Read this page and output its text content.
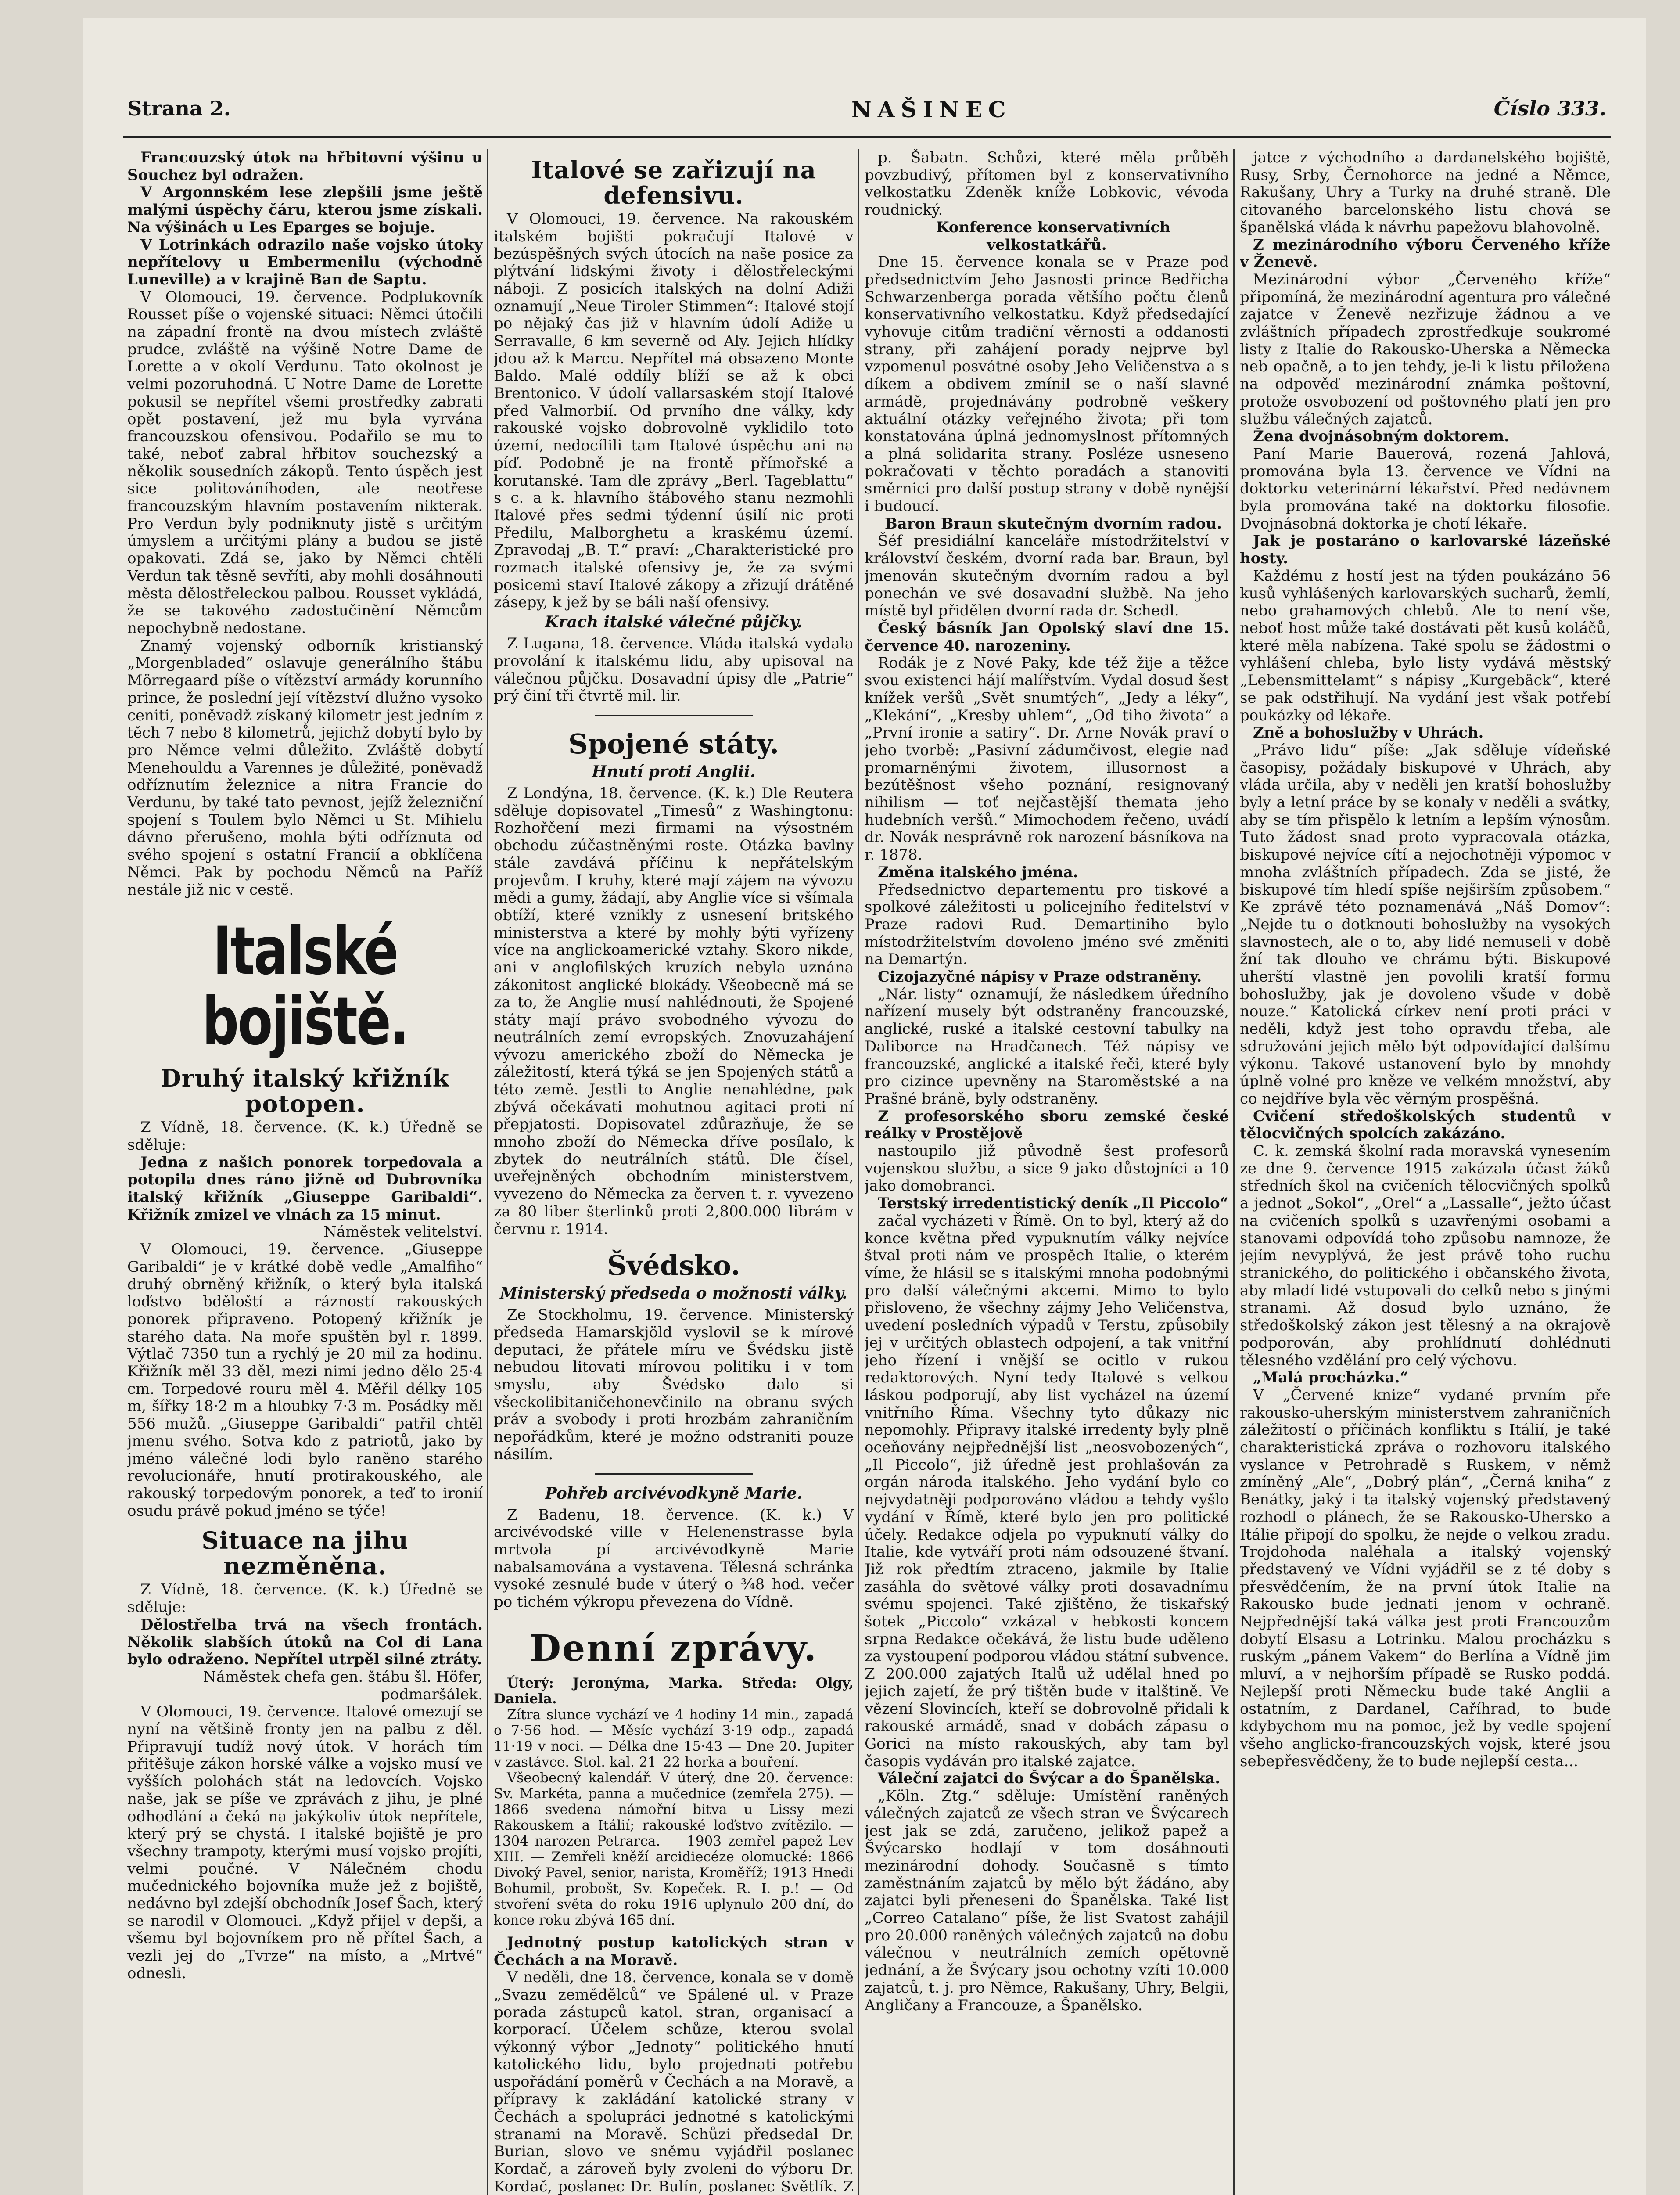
Strana 2.	NAŠINEC	Číslo 333.

Francouzský útok na hřbitovní výšinu u Souchez byl odražen.

V Argonnském lese zlepšili jsme ještě malými úspěchy čáru, kterou jsme získali. Na výšinách u Les Eparges se bojuje.

V Lotrinkách odrazilo naše vojsko útoky nepřítelovy u Embermenilu (východně Luneville) a v krajině Ban de Saptu.

V Olomouci, 19. července. Podplukovník Rousset píše o vojenské situaci: Němci útočili na západní frontě na dvou místech zvláště prudce, zvláště na výšině Notre Dame de Lorette a v okolí Verdunu. Tato okolnost je velmi pozoruhodná. U Notre Dame de Lorette pokusil se nepřítel všemi prostředky zabrati opět postavení, jež mu byla vyrvána francouzskou ofensivou. Podařilo se mu to také, neboť zabral hřbitov souchezský a několik sousedních zákopů. Tento úspěch jest sice politováníhoden, ale neotřese francouzským hlavním postavením nikterak. Pro Verdun byly podniknuty jistě s určitým úmyslem a určitými plány a budou se jistě opakovati. Zdá se, jako by Němci chtěli Verdun tak těsně sevříti, aby mohli dosáhnouti města dělostřeleckou palbou. Rousset vykládá, že se takového zadostučinění Němcům nepochybně nedostane.

Znamý vojenský odborník kristianský „Morgenbladed“ oslavuje generálního štábu Mörregaard píše o vítězství armády korunního prince, že poslední její vítězství dlužno vysoko ceniti, poněvadž získaný kilometr jest jedním z těch 7 nebo 8 kilometrů, jejichž dobytí bylo by pro Němce velmi důležito. Zvláště dobytí Menehouldu a Varennes je důležité, poněvadž odříznutím železnice a nitra Francie do Verdunu, by také tato pevnost, jejíž železniční spojení s Toulem bylo Němci u St. Mihielu dávno přerušeno, mohla býti odříznuta od svého spojení s ostatní Francií a obklíčena Němci. Pak by pochodu Němců na Paříž nestále již nic v cestě.

Italské bojiště.
Druhý italský křižník potopen.

Z Vídně, 18. července. (K. k.) Úředně se sděluje:

Jedna z našich ponorek torpedovala a potopila dnes ráno jižně od Dubrovníka italský křižník „Giuseppe Garibaldi“. Křižník zmizel ve vlnách za 15 minut.

Náměstek velitelství.

V Olomouci, 19. července. „Giuseppe Garibaldi“ je v krátké době vedle „Amalfiho“ druhý obrněný křižník, o který byla italská loďstvo bděloští a rázností rakouských ponorek připraveno. Potopený křižník je starého data. Na moře spuštěn byl r. 1899. Výtlač 7350 tun a rychlý je 20 mil za hodinu. Křižník měl 33 děl, mezi nimi jedno dělo 25·4 cm. Torpedové rouru měl 4. Měřil délky 105 m, šířky 18·2 m a hloubky 7·3 m. Posádky měl 556 mužů. „Giuseppe Garibaldi“ patřil chtěl jmenu svého. Sotva kdo z patriotů, jako by jméno válečné lodi bylo raněno starého revolucionáře, hnutí protirakouského, ale rakouský torpedovým ponorek, a teď to ironií osudu právě pokud jméno se týče!

Situace na jihu nezměněna.

Z Vídně, 18. července. (K. k.) Úředně se sděluje:

Dělostřelba trvá na všech frontách. Několik slabších útoků na Col di Lana bylo odraženo. Nepřítel utrpěl silné ztráty.

Náměstek chefa gen. štábu šl. Höfer, podmaršálek.

V Olomouci, 19. července. Italové omezují se nyní na většině fronty jen na palbu z děl. Připravují tudíž nový útok. V horách tím přitěšuje zákon horské válke a vojsko musí ve vyšších polohách stát na ledovcích. Vojsko naše, jak se píše ve zprávách z jihu, je plné odhodlání a čeká na jakýkoliv útok nepřítele, který prý se chystá. I italské bojiště je pro všechny trampoty, kterými musí vojsko projíti, velmi poučné. V Nálečném chodu mučednického bojovníka muže jež z bojiště, nedávno byl zdejší obchodník Josef Šach, který se narodil v Olomouci. „Když přijel v depši, a všemu byl bojovníkem pro ně přítel Šach, a vezli jej do „Tvrze“ na místo, a „Mrtvé“ odnesli.

Italové se zařizují na defensivu.

V Olomouci, 19. července. Na rakouském italském bojišti pokračují Italové v bezúspěšných svých útocích na naše posice za plýtvání lidskými životy i dělostřeleckými náboji. Z posicích italských na dolní Adiži oznamují „Neue Tiroler Stimmen“: Italové stojí po nějaký čas již v hlavním údolí Adiže u Serravalle, 6 km severně od Aly. Jejich hlídky jdou až k Marcu. Nepřítel má obsazeno Monte Baldo. Malé oddíly blíží se až k obci Brentonico. V údolí vallarsaském stojí Italové před Valmorbií. Od prvního dne války, kdy rakouské vojsko dobrovolně vyklidilo toto území, nedocílili tam Italové úspěchu ani na píď. Podobně je na frontě přímořské a korutanské. Tam dle zprávy „Berl. Tageblattu“ s c. a k. hlavního štábového stanu nezmohli Italové přes sedmi týdenní úsilí nic proti Předilu, Malborghetu a kraskému území. Zpravodaj „B. T.“ praví: „Charakteristické pro rozmach italské ofensivy je, že za svými posicemi staví Italové zákopy a zřizují drátěné zásepy, k jež by se báli naší ofensivy.

Krach italské válečné půjčky.

Z Lugana, 18. července. Vláda italská vydala provolání k italskému lidu, aby upisoval na válečnou půjčku. Dosavadní úpisy dle „Patrie“ prý činí tři čtvrtě mil. lir.

Spojené státy.
Hnutí proti Anglii.

Z Londýna, 18. července. (K. k.) Dle Reutera sděluje dopisovatel „Timesů“ z Washingtonu: Rozhořčení mezi firmami na výsostném obchodu zúčastněnými roste. Otázka bavlny stále zavdává příčinu k nepřátelským projevům. I kruhy, které mají zájem na vývozu mědi a gumy, žádají, aby Anglie více si všímala obtíží, které vznikly z usnesení britského ministerstva a které by mohly býti vyřízeny více na anglickoamerické vztahy. Skoro nikde, ani v anglofilských kruzích nebyla uznána zákonitost anglické blokády. Všeobecně má se za to, že Anglie musí nahlédnouti, že Spojené státy mají právo svobodného vývozu do neutrálních zemí evropských. Znovuzahájení vývozu amerického zboží do Německa je záležitostí, která týká se jen Spojených států a této země. Jestli to Anglie nenahlédne, pak zbývá očekávati mohutnou agitaci proti ní přepjatosti. Dopisovatel zdůrazňuje, že se mnoho zboží do Německa dříve posílalo, k zbytek do neutrálních států. Dle čísel, uveřejněných obchodním ministerstvem, vyvezeno do Německa za červen t. r. vyvezeno za 80 liber šterlinků proti 2,800.000 librám v červnu r. 1914.

Švédsko.
Ministerský předseda o možnosti války.

Ze Stockholmu, 19. července. Ministerský předseda Hamarskjöld vyslovil se k mírové deputaci, že přátele míru ve Švédsku jistě nebudou litovati mírovou politiku i v tom smyslu, aby Švédsko dalo si všeckolibitaničehonevčinilo na obranu svých práv a svobody i proti hrozbám zahraničním nepořádkům, které je možno odstraniti pouze násilím.

Pohřeb arcivévodkyně Marie.

Z Badenu, 18. července. (K. k.) V arcivévodské ville v Helenenstrasse byla mrtvola pí arcivévodkyně Marie nabalsamována a vystavena. Tělesná schránka vysoké zesnulé bude v úterý o ¾8 hod. večer po tichém výkropu převezena do Vídně.

Denní zprávy.

Úterý: Jeronýma, Marka. Středa: Olgy, Daniela.

Zítra slunce vychází ve 4 hodiny 14 min., zapadá o 7·56 hod. — Měsíc vychází 3·19 odp., zapadá 11·19 v noci. — Délka dne 15·43 — Dne 20. Jupiter v zastávce. Stol. kal. 21–22 horka a bouření.

Všeobecný kalendář. V úterý, dne 20. července: Sv. Markéta, panna a mučednice (zemřela 275). — 1866 svedena námořní bitva u Lissy mezi Rakouskem a Itálií; rakouské loďstvo zvítězilo. — 1304 narozen Petrarca. — 1903 zemřel papež Lev XIII. — Zemřeli kněží arcidiecéze olomucké: 1866 Divoký Pavel, senior, narista, Kroměříž; 1913 Hnedi Bohumil, probošt, Sv. Kopeček. R. I. p.! — Od stvoření světa do roku 1916 uplynulo 200 dní, do konce roku zbývá 165 dní.

Jednotný postup katolických stran v Čechách a na Moravě.

V neděli, dne 18. července, konala se v domě „Svazu zemědělců“ ve Spálené ul. v Praze porada zástupců katol. stran, organisací a korporací. Účelem schůze, kterou svolal výkonný výbor „Jednoty“ politického hnutí katolického lidu, bylo projednati potřebu uspořádání poměrů v Čechách a na Moravě, a přípravy k zakládání katolické strany v Čechách a spolupráci jednotné s katolickými stranami na Moravě. Schůzi předsedal Dr. Burian, slovo ve sněmu vyjádřil poslanec Kordač, a zároveň byly zvoleni do výboru Dr. Kordač, poslanec Dr. Bulín, poslanec Světlík. Z

p. Šabatn. Schůzi, které měla průběh povzbudivý, přítomen byl z konservativního velkostatku Zdeněk kníže Lobkovic, vévoda roudnický.

Konference konservativních velkostatkářů.

Dne 15. července konala se v Praze pod předsednictvím Jeho Jasnosti prince Bedřicha Schwarzenberga porada většího počtu členů konservativního velkostatku. Když předsedající vyhovuje citům tradiční věrnosti a oddanosti strany, při zahájení porady nejprve byl vzpomenul posvátné osoby Jeho Veličenstva a s díkem a obdivem zmínil se o naší slavné armádě, projednávány podrobně veškery aktuální otázky veřejného života; při tom konstatována úplná jednomyslnost přítomných a plná solidarita strany. Posléze usneseno pokračovati v těchto poradách a stanoviti směrnici pro další postup strany v době nynější i budoucí.

Baron Braun skutečným dvorním radou.

Šéf presidiální kanceláře místodržitelství v království českém, dvorní rada bar. Braun, byl jmenován skutečným dvorním radou a byl ponechán ve své dosavadní službě. Na jeho místě byl přidělen dvorní rada dr. Schedl.

Český básník Jan Opolský slaví dne 15. července 40. narozeniny.

Rodák je z Nové Paky, kde též žije a těžce svou existenci hájí malířstvím. Vydal dosud šest knížek veršů „Svět snumtých“, „Jedy a léky“, „Klekání“, „Kresby uhlem“, „Od tiho života“ a „První ironie a satiry“. Dr. Arne Novák praví o jeho tvorbě: „Pasivní zádumčivost, elegie nad promarněnými životem, illusornost a bezútěšnost všeho poznání, resignovaný nihilism — toť nejčastější themata jeho hudebních veršů.“ Mimochodem řečeno, uvádí dr. Novák nesprávně rok narození básníkova na r. 1878.

Změna italského jména.

Předsednictvo departementu pro tiskové a spolkové záležitosti u policejního ředitelství v Praze radovi Rud. Demartiniho bylo místodržitelstvím dovoleno jméno své změniti na Demartýn.

Cizojazyčné nápisy v Praze odstraněny.

„Nár. listy“ oznamují, že následkem úředního nařízení musely být odstraněny francouzské, anglické, ruské a italské cestovní tabulky na Daliborce na Hradčanech. Též nápisy ve francouzské, anglické a italské řeči, které byly pro cizince upevněny na Staroměstské a na Prašné bráně, byly odstraněny.

Z profesorského sboru zemské české reálky v Prostějově

nastoupilo již původně šest profesorů vojenskou službu, a sice 9 jako důstojníci a 10 jako domobranci.

Terstský irredentistický deník „Il Piccolo“

začal vycházeti v Římě. On to byl, který až do konce května před vypuknutím války nejvíce štval proti nám ve prospěch Italie, o kterém víme, že hlásil se s italskými mnoha podobnými pro další válečnými akcemi. Mimo to bylo přisloveno, že všechny zájmy Jeho Veličenstva, uvedení posledních výpadů v Terstu, způsobily jej v určitých oblastech odpojení, a tak vnitřní jeho řízení i vnější se ocitlo v rukou redaktorových. Nyní tedy Italové s velkou láskou podporují, aby list vycházel na území vnitřního Říma. Všechny tyto důkazy nic nepomohly. Připravy italské irredenty byly plně oceňovány nejpřednější list „neosvobozených“, „Il Piccolo“, již úředně jest prohlašován za orgán národa italského. Jeho vydání bylo co nejvydatněji podporováno vládou a tehdy vyšlo vydání v Římě, které bylo jen pro politické účely. Redakce odjela po vypuknutí války do Italie, kde vytváří proti nám odsouzené štvaní. Již rok předtím ztraceno, jakmile by Italie zasáhla do světové války proti dosavadnímu svému spojenci. Také zjištěno, že tiskařský šotek „Piccolo“ vzkázal v hebkosti koncem srpna Redakce očekává, že listu bude uděleno za vystoupení podporou vládou státní subvence. Z 200.000 zajatých Italů už udělal hned po jejich zajetí, že prý tištěn bude v italštině. Ve vězení Slovincích, kteří se dobrovolně přidali k rakouské armádě, snad v dobách zápasu o Gorici na místo rakouských, aby tam byl časopis vydáván pro italské zajatce.

Váleční zajatci do Švýcar a do Španělska.

„Köln. Ztg.“ sděluje: Umístění raněných válečných zajatců ze všech stran ve Švýcarech jest jak se zdá, zaručeno, jelikož papež a Švýcarsko hodlají v tom dosáhnouti mezinárodní dohody. Současně s tímto zaměstnáním zajatců by mělo být žádáno, aby zajatci byli přeneseni do Španělska. Také list „Correo Catalano“ píše, že list Svatost zahájil pro 20.000 raněných válečných zajatců na dobu válečnou v neutrálních zemích opětovně jednání, a že Švýcary jsou ochotny vzíti 10.000 zajatců, t. j. pro Němce, Rakušany, Uhry, Belgii, Angličany a Francouze, a Španělsko.

jatce z východního a dardanelského bojiště, Rusy, Srby, Černohorce na jedné a Němce, Rakušany, Uhry a Turky na druhé straně. Dle citovaného barcelonského listu chová se španělská vláda k návrhu papežovu blahovolně.

Z mezinárodního výboru Červeného kříže v Ženevě.

Mezinárodní výbor „Červeného kříže“ připomíná, že mezinárodní agentura pro válečné zajatce v Ženevě nezřizuje žádnou a ve zvláštních případech zprostředkuje soukromé listy z Italie do Rakousko-Uherska a Německa neb opačně, a to jen tehdy, je-li k listu přiložena na odpověď mezinárodní známka poštovní, protože osvobození od poštovného platí jen pro službu válečných zajatců.

Žena dvojnásobným doktorem.

Paní Marie Bauerová, rozená Jahlová, promována byla 13. července ve Vídni na doktorku veterinární lékařství. Před nedávnem byla promována také na doktorku filosofie. Dvojnásobná doktorka je chotí lékaře.

Jak je postaráno o karlovarské lázeňské hosty.

Každému z hostí jest na týden poukázáno 56 kusů vyhlášených karlovarských sucharů, žemlí, nebo grahamových chlebů. Ale to není vše, neboť host může také dostávati pět kusů koláčů, které měla nabízena. Také spolu se žádostmi o vyhlášení chleba, bylo listy vydává městský „Lebensmittelamt“ s nápisy „Kurgebäck“, které se pak odstřihují. Na vydání jest však potřebí poukázky od lékaře.

Zně a bohoslužby v Uhrách.

„Právo lidu“ píše: „Jak sděluje vídeňské časopisy, požádaly biskupové v Uhrách, aby vláda určila, aby v neděli jen kratší bohoslužby byly a letní práce by se konaly v neděli a svátky, aby se tím přispělo k letním a lepším výnosům. Tuto žádost snad proto vypracovala otázka, biskupové nejvíce cítí a nejochotněji výpomoc v mnoha zvláštních případech. Zda se jisté, že biskupové tím hledí spíše nejširším způsobem.“ Ke zprávě této poznamenává „Náš Domov“: „Nejde tu o dotknouti bohoslužby na vysokých slavnostech, ale o to, aby lidé nemuseli v době žní tak dlouho ve chrámu býti. Biskupové uherští vlastně jen povolili kratší formu bohoslužby, jak je dovoleno všude v době nouze.“ Katolická církev není proti práci v neděli, když jest toho opravdu třeba, ale sdružování jejich mělo být odpovídající dalšímu výkonu. Takové ustanovení bylo by mnohdy úplně volné pro kněze ve velkém množství, aby co nejdříve byla věc věrným prospěšná.

Cvičení středoškolských studentů v tělocvičných spolcích zakázáno.

C. k. zemská školní rada moravská vynesením ze dne 9. července 1915 zakázala účast žáků středních škol na cvičeních tělocvičných spolků a jednot „Sokol“, „Orel“ a „Lassalle“, ježto účast na cvičeních spolků s uzavřenými osobami a stanovami odpovídá toho způsobu namnoze, že jejím nevyplývá, že jest právě toho ruchu stranického, do politického i občanského života, aby mladí lidé vstupovali do celků nebo s jinými stranami. Až dosud bylo uznáno, že středoškolský zákon jest tělesný a na okrajově podporován, aby prohlídnutí dohlédnuti tělesného vzdělání pro celý výchovu.

„Malá procházka.“

V „Červené knize“ vydané prvním pře rakousko-uherským ministerstvem zahraničních záležitostí o příčinách konfliktu s Itálií, je také charakteristická zpráva o rozhovoru italského vyslance v Petrohradě s Ruskem, v němž zmíněný „Ale“, „Dobrý plán“, „Černá kniha“ z Benátky, jaký i ta italský vojenský představený rozhodl o plánech, že se Rakousko-Uhersko a Itálie připojí do spolku, že nejde o velkou zradu. Trojdohoda naléhala a italský vojenský představený ve Vídni vyjádřil se z té doby s přesvědčením, že na první útok Italie na Rakousko bude jednati jenom v ochraně. Nejpřednější taká válka jest proti Francouzům dobytí Elsasu a Lotrinku. Malou procházku s ruským „pánem Vakem“ do Berlína a Vídně jim mluví, a v nejhorším případě se Rusko poddá. Nejlepší proti Německu bude také Anglii a ostatním, z Dardanel, Caříhrad, to bude kdybychom mu na pomoc, jež by vedle spojení všeho anglicko-francouzských vojsk, které jsou sebepřesvědčeny, že to bude nejlepší cesta...
